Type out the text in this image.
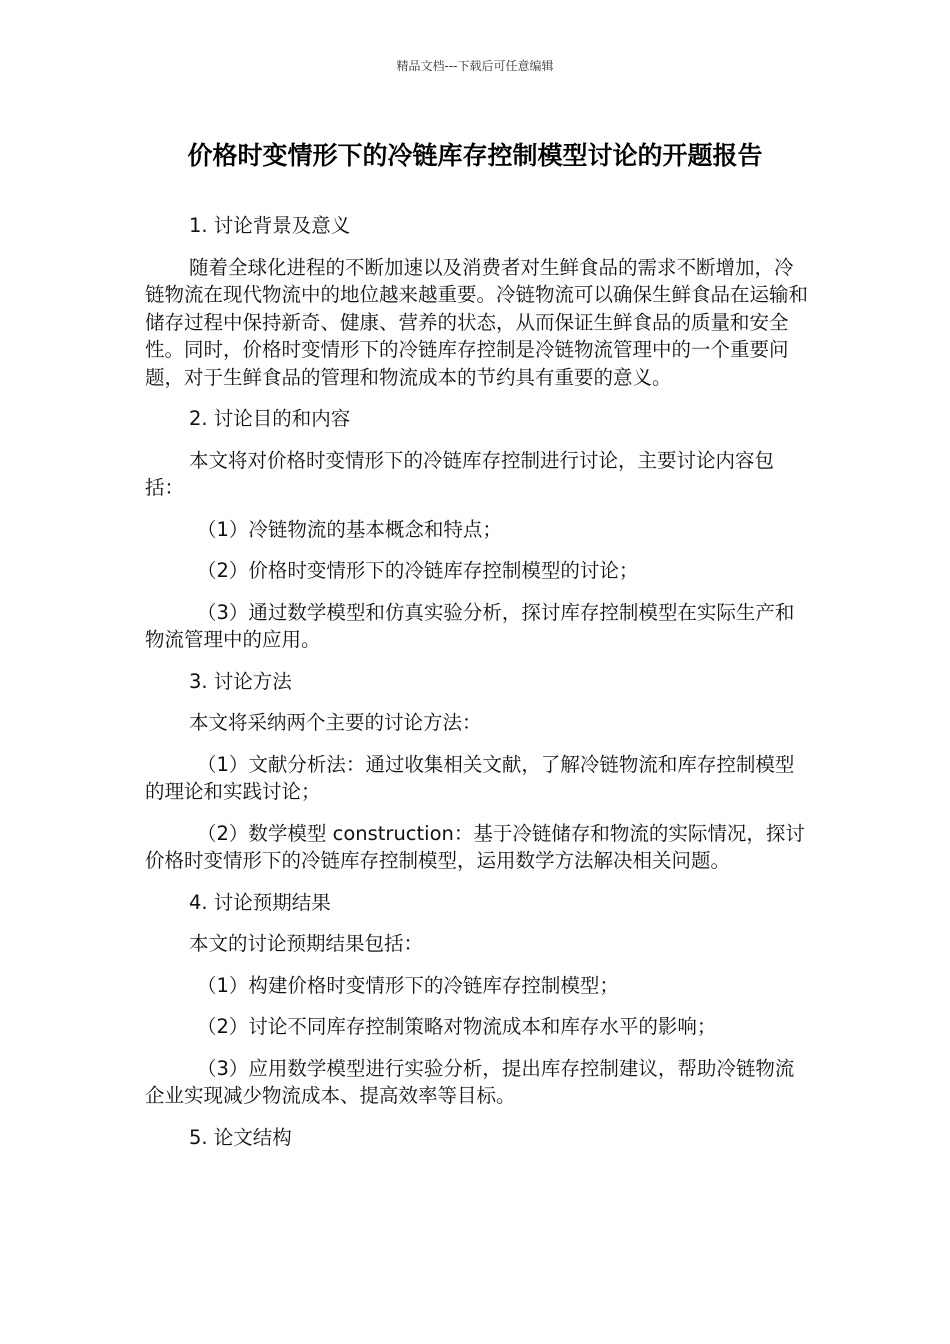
精品文档---下载后可任意编辑
价格时变情形下的冷链库存控制模型讨论的开题报告

1. 讨论背景及意义

随着全球化进程的不断加速以及消费者对生鲜食品的需求不断增加，冷链物流在现代物流中的地位越来越重要。冷链物流可以确保生鲜食品在运输和储存过程中保持新奇、健康、营养的状态，从而保证生鲜食品的质量和安全性。同时，价格时变情形下的冷链库存控制是冷链物流管理中的一个重要问题，对于生鲜食品的管理和物流成本的节约具有重要的意义。

2. 讨论目的和内容

本文将对价格时变情形下的冷链库存控制进行讨论，主要讨论内容包括：

（1）冷链物流的基本概念和特点；

（2）价格时变情形下的冷链库存控制模型的讨论；

（3）通过数学模型和仿真实验分析，探讨库存控制模型在实际生产和物流管理中的应用。

3. 讨论方法

本文将采纳两个主要的讨论方法：

（1）文献分析法：通过收集相关文献，了解冷链物流和库存控制模型的理论和实践讨论；

（2）数学模型 construction：基于冷链储存和物流的实际情况，探讨价格时变情形下的冷链库存控制模型，运用数学方法解决相关问题。

4. 讨论预期结果

本文的讨论预期结果包括：

（1）构建价格时变情形下的冷链库存控制模型；

（2）讨论不同库存控制策略对物流成本和库存水平的影响；

（3）应用数学模型进行实验分析，提出库存控制建议，帮助冷链物流企业实现减少物流成本、提高效率等目标。

5. 论文结构
